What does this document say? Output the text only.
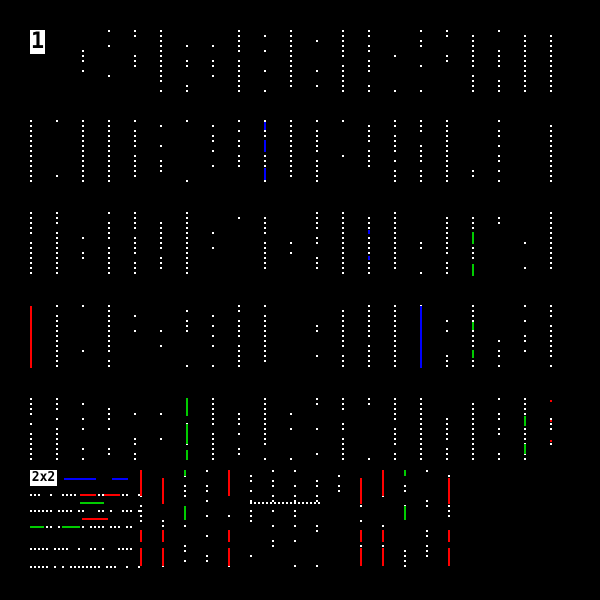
1
2x2
